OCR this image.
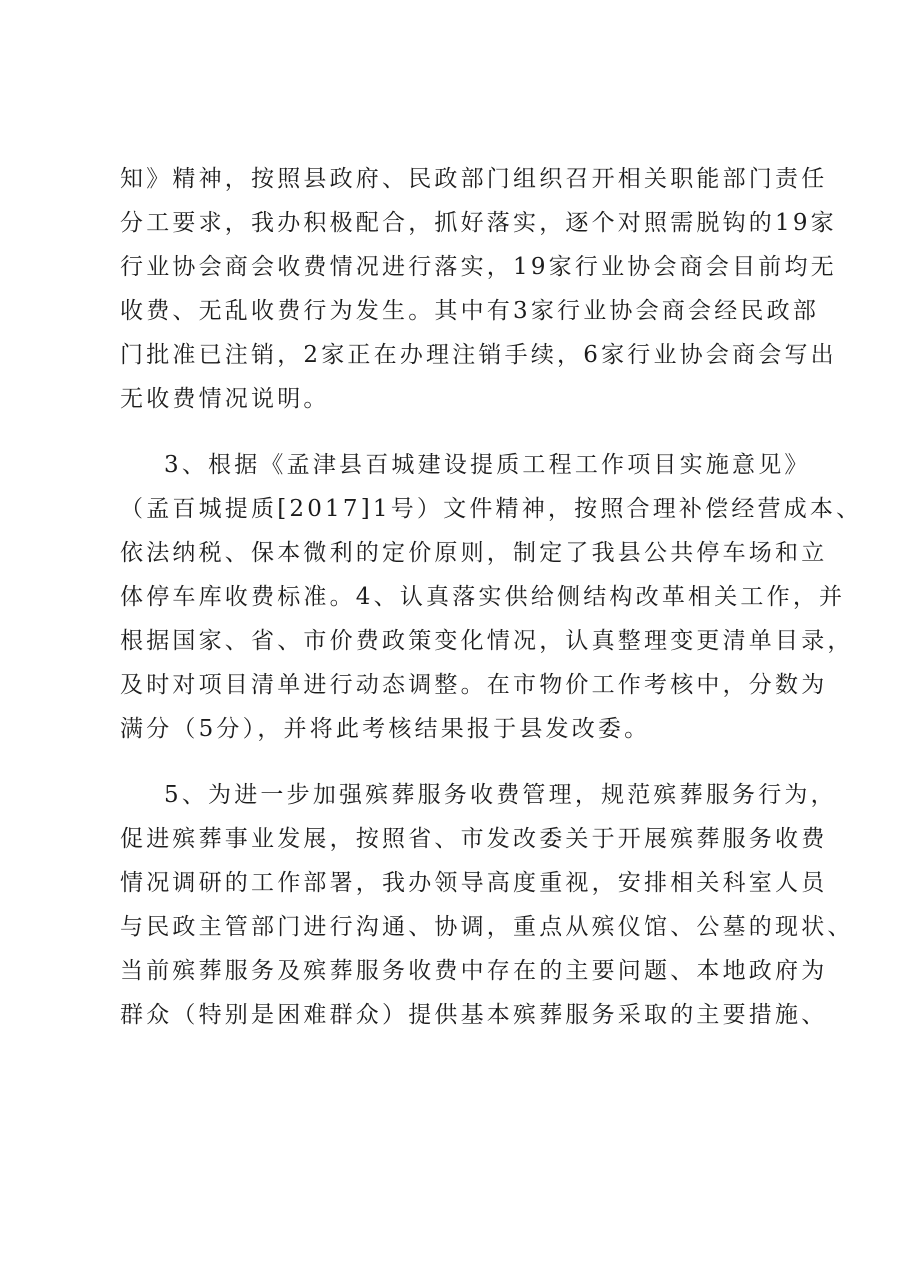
知》精神，按照县政府、民政部门组织召开相关职能部门责任
分工要求，我办积极配合，抓好落实，逐个对照需脱钩的19家
行业协会商会收费情况进行落实，19家行业协会商会目前均无
收费、无乱收费行为发生。其中有3家行业协会商会经民政部
门批准已注销，2家正在办理注销手续，6家行业协会商会写出
无收费情况说明。
3、根据《孟津县百城建设提质工程工作项目实施意见》
（孟百城提质[2017]1号）文件精神，按照合理补偿经营成本、
依法纳税、保本微利的定价原则，制定了我县公共停车场和立
体停车库收费标准。4、认真落实供给侧结构改革相关工作，并
根据国家、省、市价费政策变化情况，认真整理变更清单目录，
及时对项目清单进行动态调整。在市物价工作考核中，分数为
满分（5分），并将此考核结果报于县发改委。
5、为进一步加强殡葬服务收费管理，规范殡葬服务行为，
促进殡葬事业发展，按照省、市发改委关于开展殡葬服务收费
情况调研的工作部署，我办领导高度重视，安排相关科室人员
与民政主管部门进行沟通、协调，重点从殡仪馆、公墓的现状、
当前殡葬服务及殡葬服务收费中存在的主要问题、本地政府为
群众（特别是困难群众）提供基本殡葬服务采取的主要措施、
